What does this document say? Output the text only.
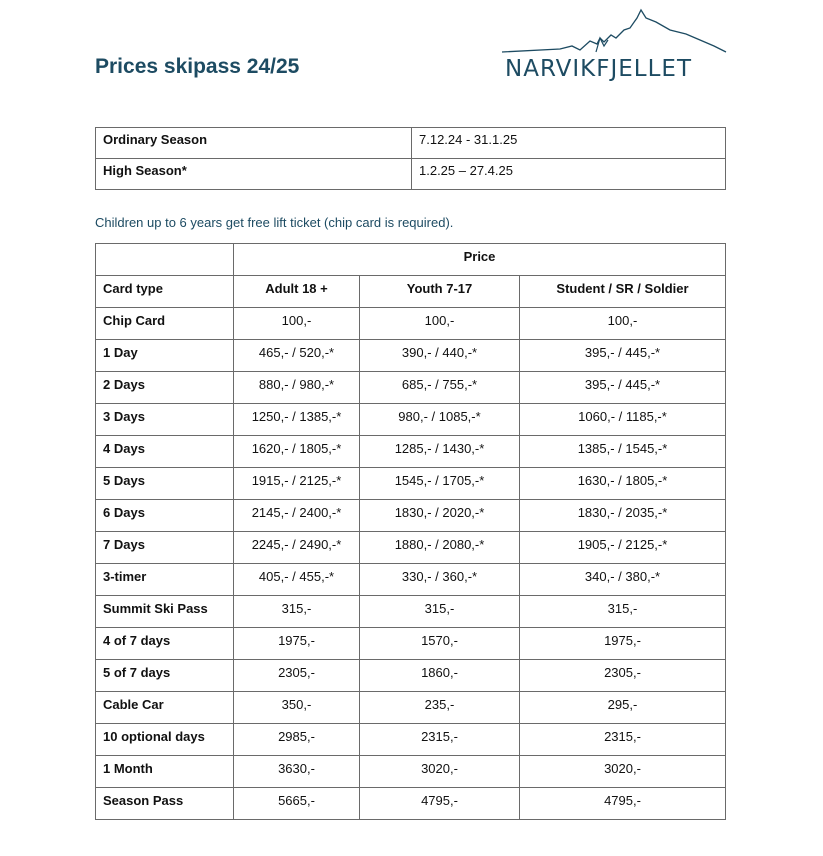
Prices skipass 24/25	NARVIKFJELLET
Ordinary Season	7.12.24 - 31.1.25
High Season*	1.2.25 – 27.4.25

Children up to 6 years get free lift ticket (chip card is required).

	Price		
Card type	Adult 18 +	Youth 7-17	Student / SR / Soldier
Chip Card	100,-	100,-	100,-
1 Day	465,- / 520,-*	390,- / 440,-*	395,- / 445,-*
2 Days	880,- / 980,-*	685,- / 755,-*	395,- / 445,-*
3 Days	1250,- / 1385,-*	980,- / 1085,-*	1060,- / 1185,-*
4 Days	1620,- / 1805,-*	1285,- / 1430,-*	1385,- / 1545,-*
5 Days	1915,- / 2125,-*	1545,- / 1705,-*	1630,- / 1805,-*
6 Days	2145,- / 2400,-*	1830,- / 2020,-*	1830,- / 2035,-*
7 Days	2245,- / 2490,-*	1880,- / 2080,-*	1905,- / 2125,-*
3-timer	405,- / 455,-*	330,- / 360,-*	340,- / 380,-*
Summit Ski Pass	315,-	315,-	315,-
4 of 7 days	1975,-	1570,-	1975,-
5 of 7 days	2305,-	1860,-	2305,-
Cable Car	350,-	235,-	295,-
10 optional days	2985,-	2315,-	2315,-
1 Month	3630,-	3020,-	3020,-
Season Pass	5665,-	4795,-	4795,-
